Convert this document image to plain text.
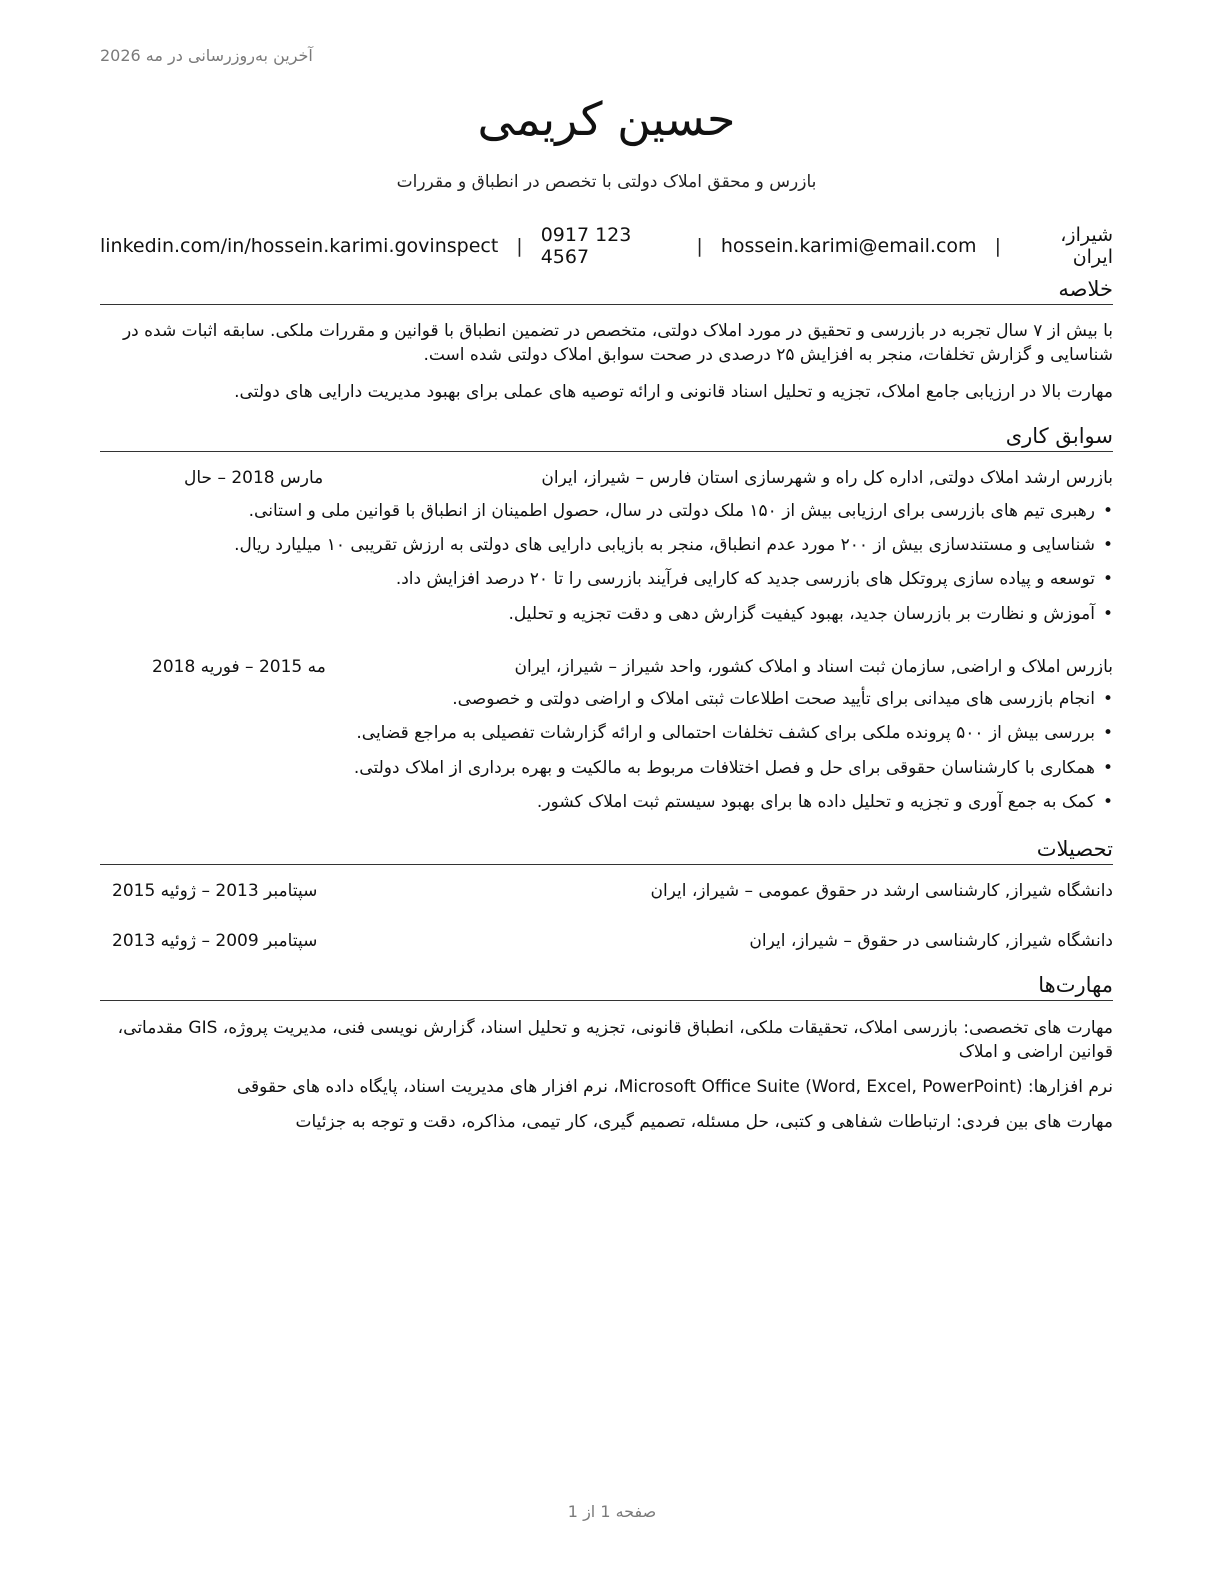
آخرین به‌روزرسانی در مه 2026
حسین کریمی
بازرس و محقق املاک دولتی با تخصص در انطباق و مقررات
شیراز، ایران
|
hossein.karimi@email.com
|
0917 123 4567
|
linkedin.com/in/hossein.karimi.govinspect
خلاصه
با بیش از ۷ سال تجربه در بازرسی و تحقیق در مورد املاک دولتی، متخصص در تضمین انطباق با قوانین و مقررات ملکی. سابقه اثبات شده در شناسایی و گزارش تخلفات، منجر به افزایش ۲۵ درصدی در صحت سوابق املاک دولتی شده است.
مهارت بالا در ارزیابی جامع املاک، تجزیه و تحلیل اسناد قانونی و ارائه توصیه های عملی برای بهبود مدیریت دارایی های دولتی.
سوابق کاری
بازرس ارشد املاک دولتی, اداره کل راه و شهرسازی استان فارس – شیراز، ایران
مارس 2018 – حال
•رهبری تیم های بازرسی برای ارزیابی بیش از ۱۵۰ ملک دولتی در سال، حصول اطمینان از انطباق با قوانین ملی و استانی.
•شناسایی و مستندسازی بیش از ۲۰۰ مورد عدم انطباق، منجر به بازیابی دارایی های دولتی به ارزش تقریبی ۱۰ میلیارد ریال.
•توسعه و پیاده سازی پروتکل های بازرسی جدید که کارایی فرآیند بازرسی را تا ۲۰ درصد افزایش داد.
•آموزش و نظارت بر بازرسان جدید، بهبود کیفیت گزارش دهی و دقت تجزیه و تحلیل.
بازرس املاک و اراضی, سازمان ثبت اسناد و املاک کشور، واحد شیراز – شیراز، ایران
مه 2015 – فوریه 2018
•انجام بازرسی های میدانی برای تأیید صحت اطلاعات ثبتی املاک و اراضی دولتی و خصوصی.
•بررسی بیش از ۵۰۰ پرونده ملکی برای کشف تخلفات احتمالی و ارائه گزارشات تفصیلی به مراجع قضایی.
•همکاری با کارشناسان حقوقی برای حل و فصل اختلافات مربوط به مالکیت و بهره برداری از املاک دولتی.
•کمک به جمع آوری و تجزیه و تحلیل داده ها برای بهبود سیستم ثبت املاک کشور.
تحصیلات
دانشگاه شیراز, کارشناسی ارشد در حقوق عمومی – شیراز، ایران
سپتامبر 2013 – ژوئیه 2015
دانشگاه شیراز, کارشناسی در حقوق – شیراز، ایران
سپتامبر 2009 – ژوئیه 2013
مهارت‌ها
مهارت های تخصصی: بازرسی املاک، تحقیقات ملکی، انطباق قانونی، تجزیه و تحلیل اسناد، گزارش نویسی فنی، مدیریت پروژه، GIS مقدماتی، قوانین اراضی و املاک
نرم افزارها: Microsoft Office Suite (Word, Excel, PowerPoint)، نرم افزار های مدیریت اسناد، پایگاه داده های حقوقی
مهارت های بین فردی: ارتباطات شفاهی و کتبی، حل مسئله، تصمیم گیری، کار تیمی، مذاکره، دقت و توجه به جزئیات
صفحه 1 از 1
